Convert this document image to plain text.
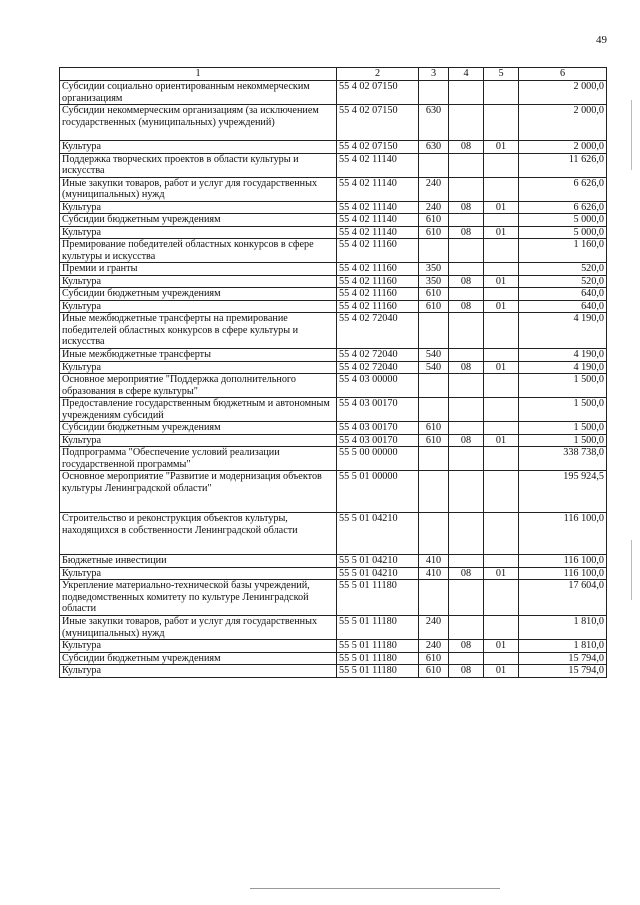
49
1	2	3	4	5	6
Субсидии социально ориентированным некоммерческим организациям	55 4 02 07150				2 000,0
Субсидии некоммерческим организациям (за исключением государственных (муниципальных) учреждений)	55 4 02 07150	630			2 000,0
Культура	55 4 02 07150	630	08	01	2 000,0
Поддержка творческих проектов в области культуры и искусства	55 4 02 11140				11 626,0
Иные закупки товаров, работ и услуг для государственных (муниципальных) нужд	55 4 02 11140	240			6 626,0
Культура	55 4 02 11140	240	08	01	6 626,0
Субсидии бюджетным учреждениям	55 4 02 11140	610			5 000,0
Культура	55 4 02 11140	610	08	01	5 000,0
Премирование победителей областных конкурсов в сфере культуры и искусства	55 4 02 11160				1 160,0
Премии и гранты	55 4 02 11160	350			520,0
Культура	55 4 02 11160	350	08	01	520,0
Субсидии бюджетным учреждениям	55 4 02 11160	610			640,0
Культура	55 4 02 11160	610	08	01	640,0
Иные межбюджетные трансферты на премирование победителей областных конкурсов в сфере культуры и искусства	55 4 02 72040				4 190,0
Иные межбюджетные трансферты	55 4 02 72040	540			4 190,0
Культура	55 4 02 72040	540	08	01	4 190,0
Основное мероприятие "Поддержка дополнительного образования в сфере культуры"	55 4 03 00000				1 500,0
Предоставление государственным бюджетным и автономным учреждениям субсидий	55 4 03 00170				1 500,0
Субсидии бюджетным учреждениям	55 4 03 00170	610			1 500,0
Культура	55 4 03 00170	610	08	01	1 500,0
Подпрограмма "Обеспечение условий реализации государственной программы"	55 5 00 00000				338 738,0
Основное мероприятие "Развитие и модернизация объектов культуры Ленинградской области"	55 5 01 00000				195 924,5
Строительство и реконструкция объектов культуры, находящихся в собственности Ленинградской области	55 5 01 04210				116 100,0
Бюджетные инвестиции	55 5 01 04210	410			116 100,0
Культура	55 5 01 04210	410	08	01	116 100,0
Укрепление материально-технической базы учреждений, подведомственных комитету по культуре Ленинградской области	55 5 01 11180				17 604,0
Иные закупки товаров, работ и услуг для государственных (муниципальных) нужд	55 5 01 11180	240			1 810,0
Культура	55 5 01 11180	240	08	01	1 810,0
Субсидии бюджетным учреждениям	55 5 01 11180	610			15 794,0
Культура	55 5 01 11180	610	08	01	15 794,0
